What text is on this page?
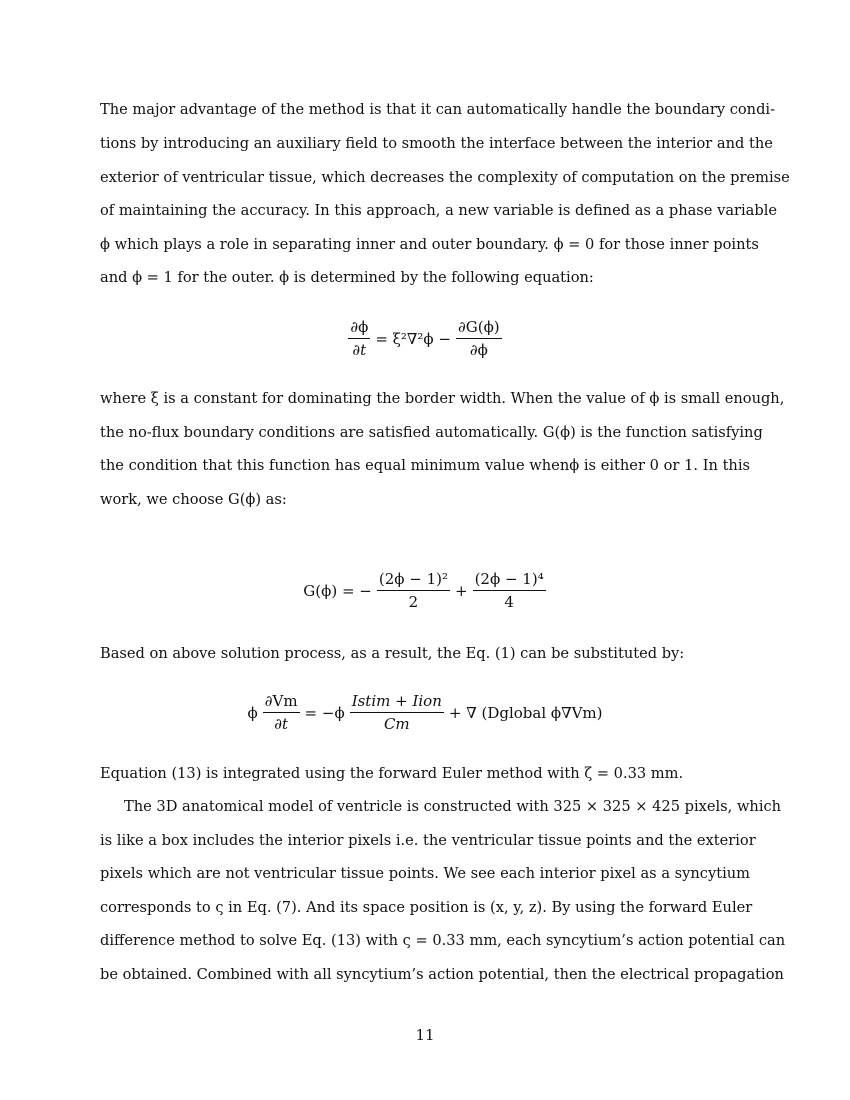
The major advantage of the method is that it can automatically handle the boundary condi-
tions by introducing an auxiliary field to smooth the interface between the interior and the
exterior of ventricular tissue, which decreases the complexity of computation on the premise
of maintaining the accuracy. In this approach, a new variable is defined as a phase variable
ϕ which plays a role in separating inner and outer boundary. ϕ = 0 for those inner points
and ϕ = 1 for the outer. ϕ is determined by the following equation:
$\frac{\partial\phi}{\partial t} = \xi^2\nabla^2\phi - \frac{\partial G(\phi)}{\partial\phi}$
where ξ is a constant for dominating the border width. When the value of ϕ is small enough,
the no-flux boundary conditions are satisfied automatically. G(ϕ) is the function satisfying
the condition that this function has equal minimum value whenϕ is either 0 or 1. In this
work, we choose G(ϕ) as:
G(ϕ) = − $\frac{\text{(2ϕ − 1)²}}{2} + \frac{\text{(2ϕ − 1)⁴}}{4}$
Based on above solution process, as a result, the Eq. (1) can be substituted by:
ϕ $\frac{\partial Vm}{\partial t} = -\phi \frac{\text{Istim + Iion}}{Cm}$ + ∇ (Dglobal ϕ∇Vm)
Equation (13) is integrated using the forward Euler method with ζ = 0.33 mm.
The 3D anatomical model of ventricle is constructed with 325 × 325 × 425 pixels, which
is like a box includes the interior pixels i.e. the ventricular tissue points and the exterior
pixels which are not ventricular tissue points. We see each interior pixel as a syncytium
corresponds to ς in Eq. (7). And its space position is (x, y, z). By using the forward Euler
difference method to solve Eq. (13) with ς = 0.33 mm, each syncytium’s action potential can
be obtained. Combined with all syncytium’s action potential, then the electrical propagation
11
